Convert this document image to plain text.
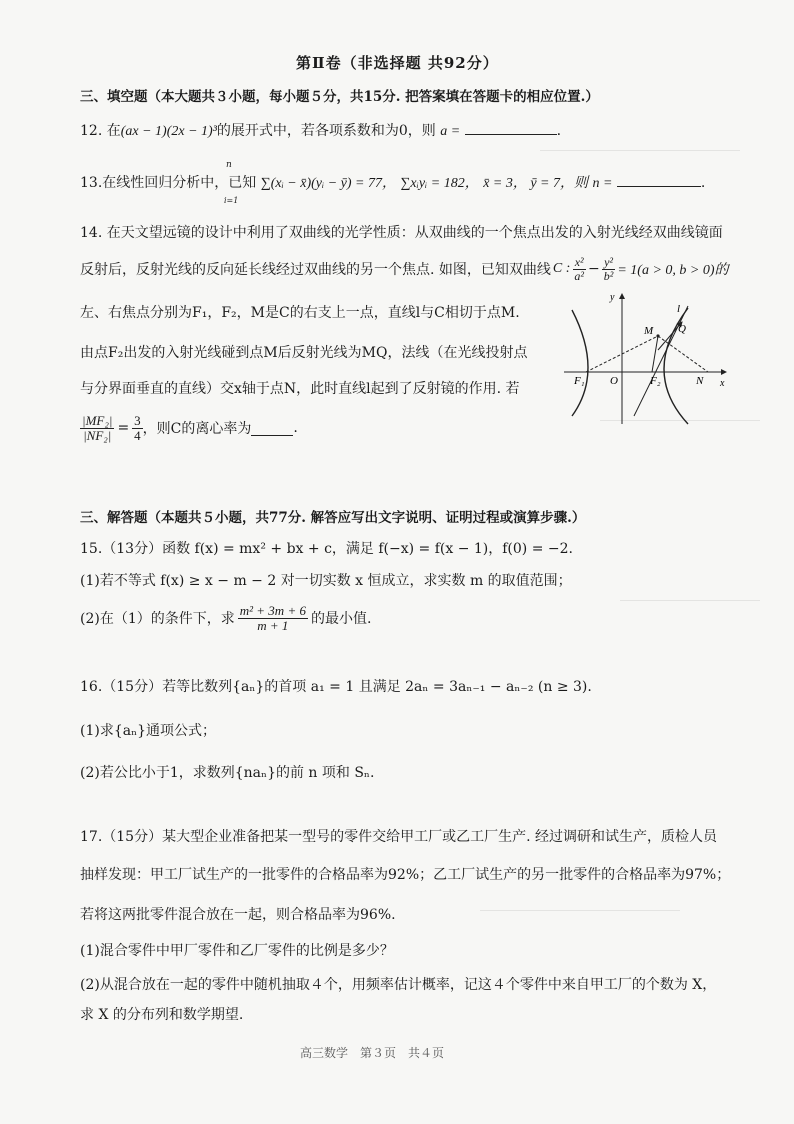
第Ⅱ卷（非选择题 共92分）
三、填空题（本大题共３小题，每小题５分，共15分. 把答案填在答题卡的相应位置.）
12. 在(ax − 1)(2x − 1)³的展开式中，若各项系数和为0，则 a =	.
13.在线性回归分析中，已知 ∑(xᵢ − x̄)(yᵢ − ȳ) = 77， ∑xᵢyᵢ = 182， x̄ = 3， ȳ = 7，则 n =	.
n
i=1
14. 在天文望远镜的设计中利用了双曲线的光学性质：从双曲线的一个焦点出发的入射光线经双曲线镜面
反射后，反射光线的反向延长线经过双曲线的另一个焦点. 如图，已知双曲线 C : $\frac{\text{x²}}{\text{a²}} - \frac{\text{y²}}{\text{b²}} = 1(a > 0$, b > 0)的
左、右焦点分别为F₁，F₂，M是C的右支上一点，直线l与C相切于点M.
由点F₂出发的入射光线碰到点M后反射光线为MQ，法线（在光线投射点
与分界面垂直的直线）交x轴于点N，此时直线l起到了反射镜的作用. 若
$\frac{\text{|MF₂|}}{\text{|NF₂|}} = \frac{3}{4}$ ，则C的离心率为	.
y
x
l
M Q
F₁ O	F₂	N
三、解答题（本题共５小题，共77分. 解答应写出文字说明、证明过程或演算步骤.）
15.（13分）函数 f(x) = mx² + bx + c，满足 f(−x) = f(x − 1)，f(0) = −2.
(1)若不等式 f(x) ≥ x − m − 2 对一切实数 x 恒成立，求实数 m 的取值范围；
(2)在（1）的条件下，求 $\frac{\text{m² + 3m + 6}}{m + 1}$ 的最小值.
16.（15分）若等比数列{aₙ}的首项 a₁ = 1 且满足 2aₙ = 3aₙ₋₁ − aₙ₋₂ (n ≥ 3).
(1)求{aₙ}通项公式；
(2)若公比小于1，求数列{naₙ}的前 n 项和 Sₙ.
17.（15分）某大型企业准备把某一型号的零件交给甲工厂或乙工厂生产. 经过调研和试生产，质检人员
抽样发现：甲工厂试生产的一批零件的合格品率为92%；乙工厂试生产的另一批零件的合格品率为97%；
若将这两批零件混合放在一起，则合格品率为96%.
(1)混合零件中甲厂零件和乙厂零件的比例是多少？
(2)从混合放在一起的零件中随机抽取４个，用频率估计概率，记这４个零件中来自甲工厂的个数为 X，
求 X 的分布列和数学期望.
高三数学　第３页　共４页
